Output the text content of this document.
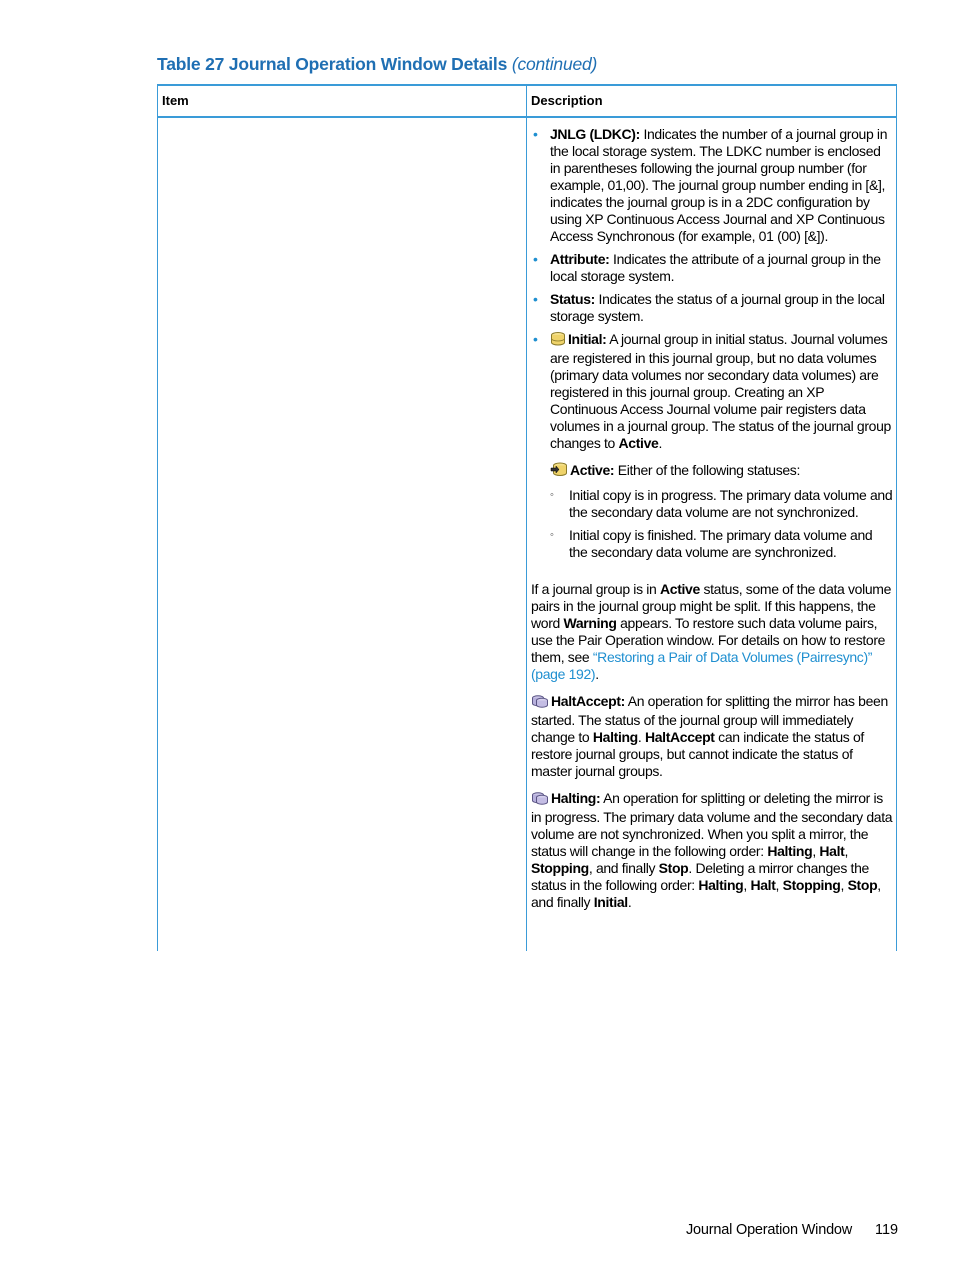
Table 27 Journal Operation Window Details (continued)
Item	Description
• JNLG (LDKC): Indicates the number of a journal group in the local storage system. The LDKC number is enclosed in parentheses following the journal group number (for example, 01,00). The journal group number ending in [&], indicates the journal group is in a 2DC configuration by using XP Continuous Access Journal and XP Continuous Access Synchronous (for example, 01 (00) [&]).
• Attribute: Indicates the attribute of a journal group in the local storage system.
• Status: Indicates the status of a journal group in the local storage system.
• Initial: A journal group in initial status. Journal volumes are registered in this journal group, but no data volumes (primary data volumes nor secondary data volumes) are registered in this journal group. Creating an XP Continuous Access Journal volume pair registers data volumes in a journal group. The status of the journal group changes to Active.
Active: Either of the following statuses:
◦ Initial copy is in progress. The primary data volume and the secondary data volume are not synchronized.
◦ Initial copy is finished. The primary data volume and the secondary data volume are synchronized.
If a journal group is in Active status, some of the data volume pairs in the journal group might be split. If this happens, the word Warning appears. To restore such data volume pairs, use the Pair Operation window. For details on how to restore them, see “Restoring a Pair of Data Volumes (Pairresync)” (page 192).
HaltAccept: An operation for splitting the mirror has been started. The status of the journal group will immediately change to Halting. HaltAccept can indicate the status of restore journal groups, but cannot indicate the status of master journal groups.
Halting: An operation for splitting or deleting the mirror is in progress. The primary data volume and the secondary data volume are not synchronized. When you split a mirror, the status will change in the following order: Halting, Halt, Stopping, and finally Stop. Deleting a mirror changes the status in the following order: Halting, Halt, Stopping, Stop, and finally Initial.
Journal Operation Window 119
